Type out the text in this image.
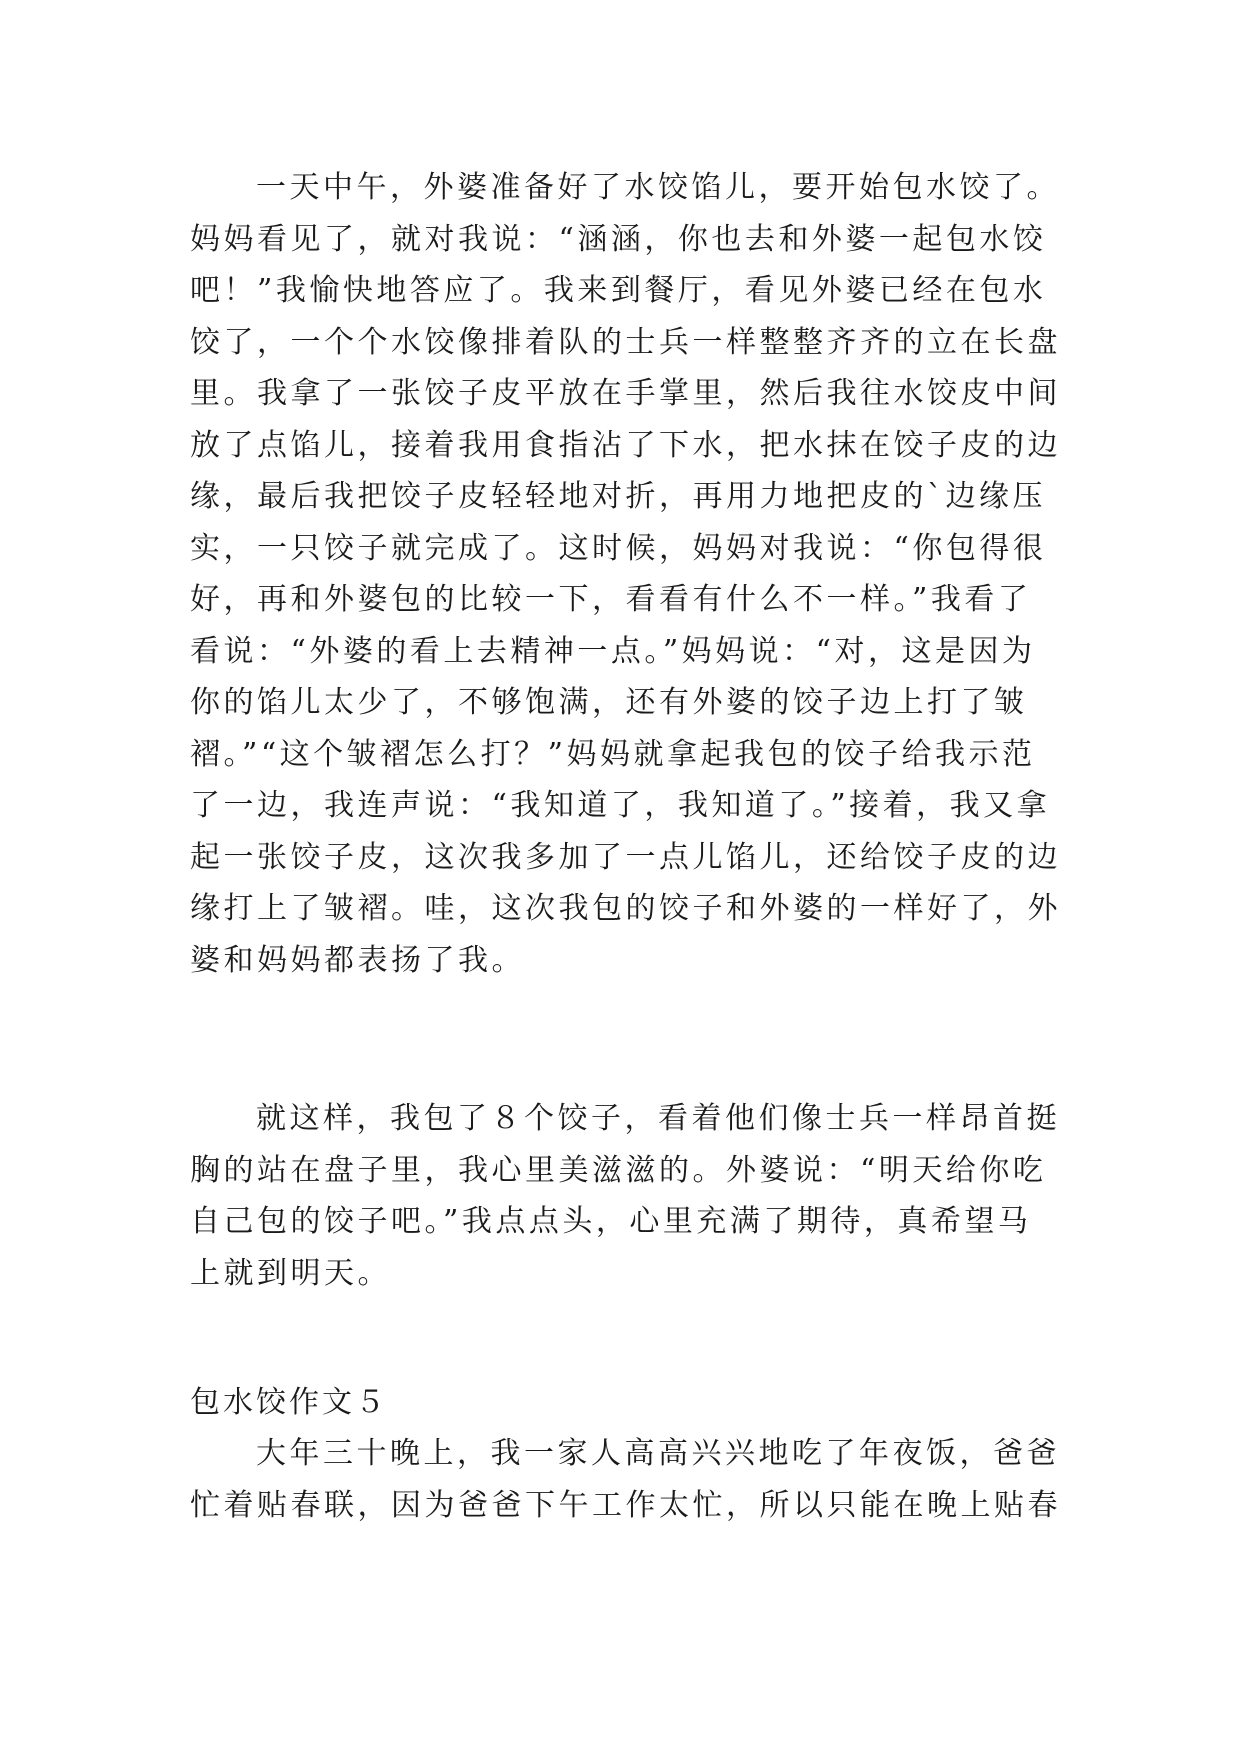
一天中午，外婆准备好了水饺馅儿，要开始包水饺了。
妈妈看见了，就对我说：“涵涵，你也去和外婆一起包水饺
吧！”我愉快地答应了。我来到餐厅，看见外婆已经在包水
饺了，一个个水饺像排着队的士兵一样整整齐齐的立在长盘
里。我拿了一张饺子皮平放在手掌里，然后我往水饺皮中间
放了点馅儿，接着我用食指沾了下水，把水抹在饺子皮的边
缘，最后我把饺子皮轻轻地对折，再用力地把皮的`边缘压
实，一只饺子就完成了。这时候，妈妈对我说：“你包得很
好，再和外婆包的比较一下，看看有什么不一样。”我看了
看说：“外婆的看上去精神一点。”妈妈说：“对，这是因为
你的馅儿太少了，不够饱满，还有外婆的饺子边上打了皱
褶。”“这个皱褶怎么打？”妈妈就拿起我包的饺子给我示范
了一边，我连声说：“我知道了，我知道了。”接着，我又拿
起一张饺子皮，这次我多加了一点儿馅儿，还给饺子皮的边
缘打上了皱褶。哇，这次我包的饺子和外婆的一样好了，外
婆和妈妈都表扬了我。
就这样，我包了８个饺子，看着他们像士兵一样昂首挺
胸的站在盘子里，我心里美滋滋的。外婆说：“明天给你吃
自己包的饺子吧。”我点点头，心里充满了期待，真希望马
上就到明天。
包水饺作文５
大年三十晚上，我一家人高高兴兴地吃了年夜饭，爸爸
忙着贴春联，因为爸爸下午工作太忙，所以只能在晚上贴春
